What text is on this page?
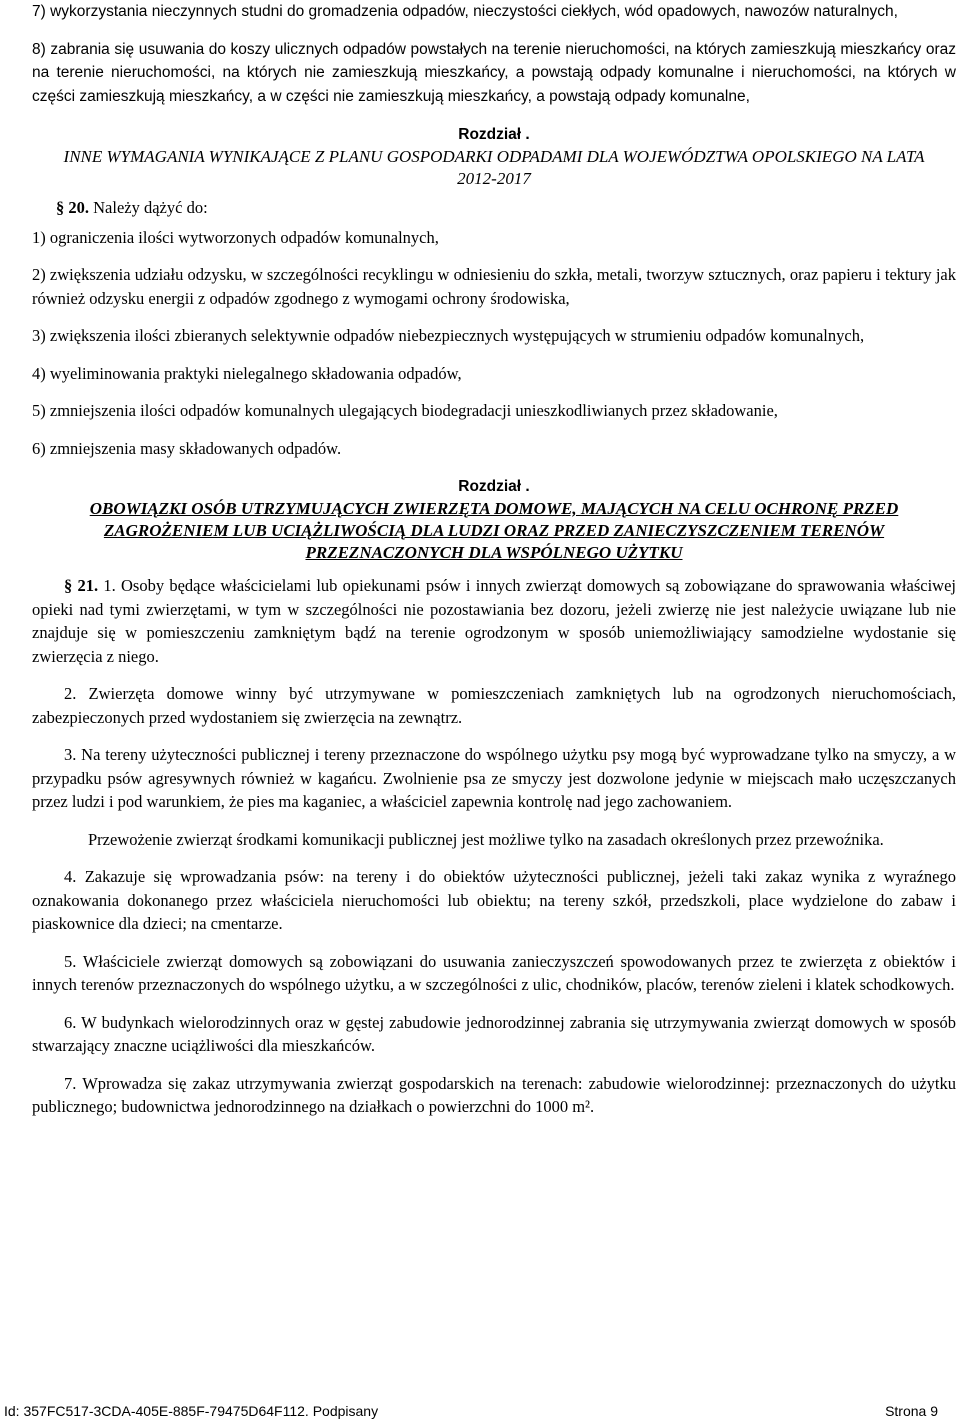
7) wykorzystania nieczynnych studni do gromadzenia odpadów, nieczystości ciekłych, wód opadowych, nawozów naturalnych,

8) zabrania się usuwania do koszy ulicznych odpadów powstałych na terenie nieruchomości, na których zamieszkują mieszkańcy oraz na terenie nieruchomości, na których nie zamieszkują mieszkańcy, a powstają odpady komunalne i nieruchomości, na których w części zamieszkują mieszkańcy, a w części nie zamieszkują mieszkańcy, a powstają odpady komunalne,

Rozdział .

INNE WYMAGANIA WYNIKAJĄCE Z PLANU GOSPODARKI ODPADAMI DLA WOJEWÓDZTWA OPOLSKIEGO NA LATA 2012-2017

§ 20. Należy dążyć do:

1) ograniczenia ilości wytworzonych odpadów komunalnych,

2) zwiększenia udziału odzysku, w szczególności recyklingu w odniesieniu do szkła, metali, tworzyw sztucznych, oraz papieru i tektury jak również odzysku energii z odpadów zgodnego z wymogami ochrony środowiska,

3) zwiększenia ilości zbieranych selektywnie odpadów niebezpiecznych występujących w strumieniu odpadów komunalnych,

4) wyeliminowania praktyki nielegalnego składowania odpadów,

5) zmniejszenia ilości odpadów komunalnych ulegających biodegradacji unieszkodliwianych przez składowanie,

6) zmniejszenia masy składowanych odpadów.

Rozdział .

OBOWIĄZKI OSÓB UTRZYMUJĄCYCH ZWIERZĘTA DOMOWE, MAJĄCYCH NA CELU OCHRONĘ PRZED ZAGROŻENIEM LUB UCIĄŻLIWOŚCIĄ DLA LUDZI ORAZ PRZED ZANIECZYSZCZENIEM TERENÓW PRZEZNACZONYCH DLA WSPÓLNEGO UŻYTKU

§ 21. 1. Osoby będące właścicielami lub opiekunami psów i innych zwierząt domowych są zobowiązane do sprawowania właściwej opieki nad tymi zwierzętami, w tym w szczególności nie pozostawiania bez dozoru, jeżeli zwierzę nie jest należycie uwiązane lub nie znajduje się w pomieszczeniu zamkniętym bądź na terenie ogrodzonym w sposób uniemożliwiający samodzielne wydostanie się zwierzęcia z niego.

2. Zwierzęta domowe winny być utrzymywane w pomieszczeniach zamkniętych lub na ogrodzonych nieruchomościach, zabezpieczonych przed wydostaniem się zwierzęcia na zewnątrz.

3. Na tereny użyteczności publicznej i tereny przeznaczone do wspólnego użytku psy mogą być wyprowadzane tylko na smyczy, a w przypadku psów agresywnych również w kagańcu. Zwolnienie psa ze smyczy jest dozwolone jedynie w miejscach mało uczęszczanych przez ludzi i pod warunkiem, że pies ma kaganiec, a właściciel zapewnia kontrolę nad jego zachowaniem.

Przewożenie zwierząt środkami komunikacji publicznej jest możliwe tylko na zasadach określonych przez przewoźnika.

4. Zakazuje się wprowadzania psów: na tereny i do obiektów użyteczności publicznej, jeżeli taki zakaz wynika z wyraźnego oznakowania dokonanego przez właściciela nieruchomości lub obiektu; na tereny szkół, przedszkoli, place wydzielone do zabaw i piaskownice dla dzieci; na cmentarze.

5. Właściciele zwierząt domowych są zobowiązani do usuwania zanieczyszczeń spowodowanych przez te zwierzęta z obiektów i innych terenów przeznaczonych do wspólnego użytku, a w szczególności z ulic, chodników, placów, terenów zieleni i klatek schodkowych.

6. W budynkach wielorodzinnych oraz w gęstej zabudowie jednorodzinnej zabrania się utrzymywania zwierząt domowych w sposób stwarzający znaczne uciążliwości dla mieszkańców.

7. Wprowadza się zakaz utrzymywania zwierząt gospodarskich na terenach: zabudowie wielorodzinnej: przeznaczonych do użytku publicznego; budownictwa jednorodzinnego na działkach o powierzchni do 1000 m².

Id: 357FC517-3CDA-405E-885F-79475D64F112. Podpisany	Strona 9
